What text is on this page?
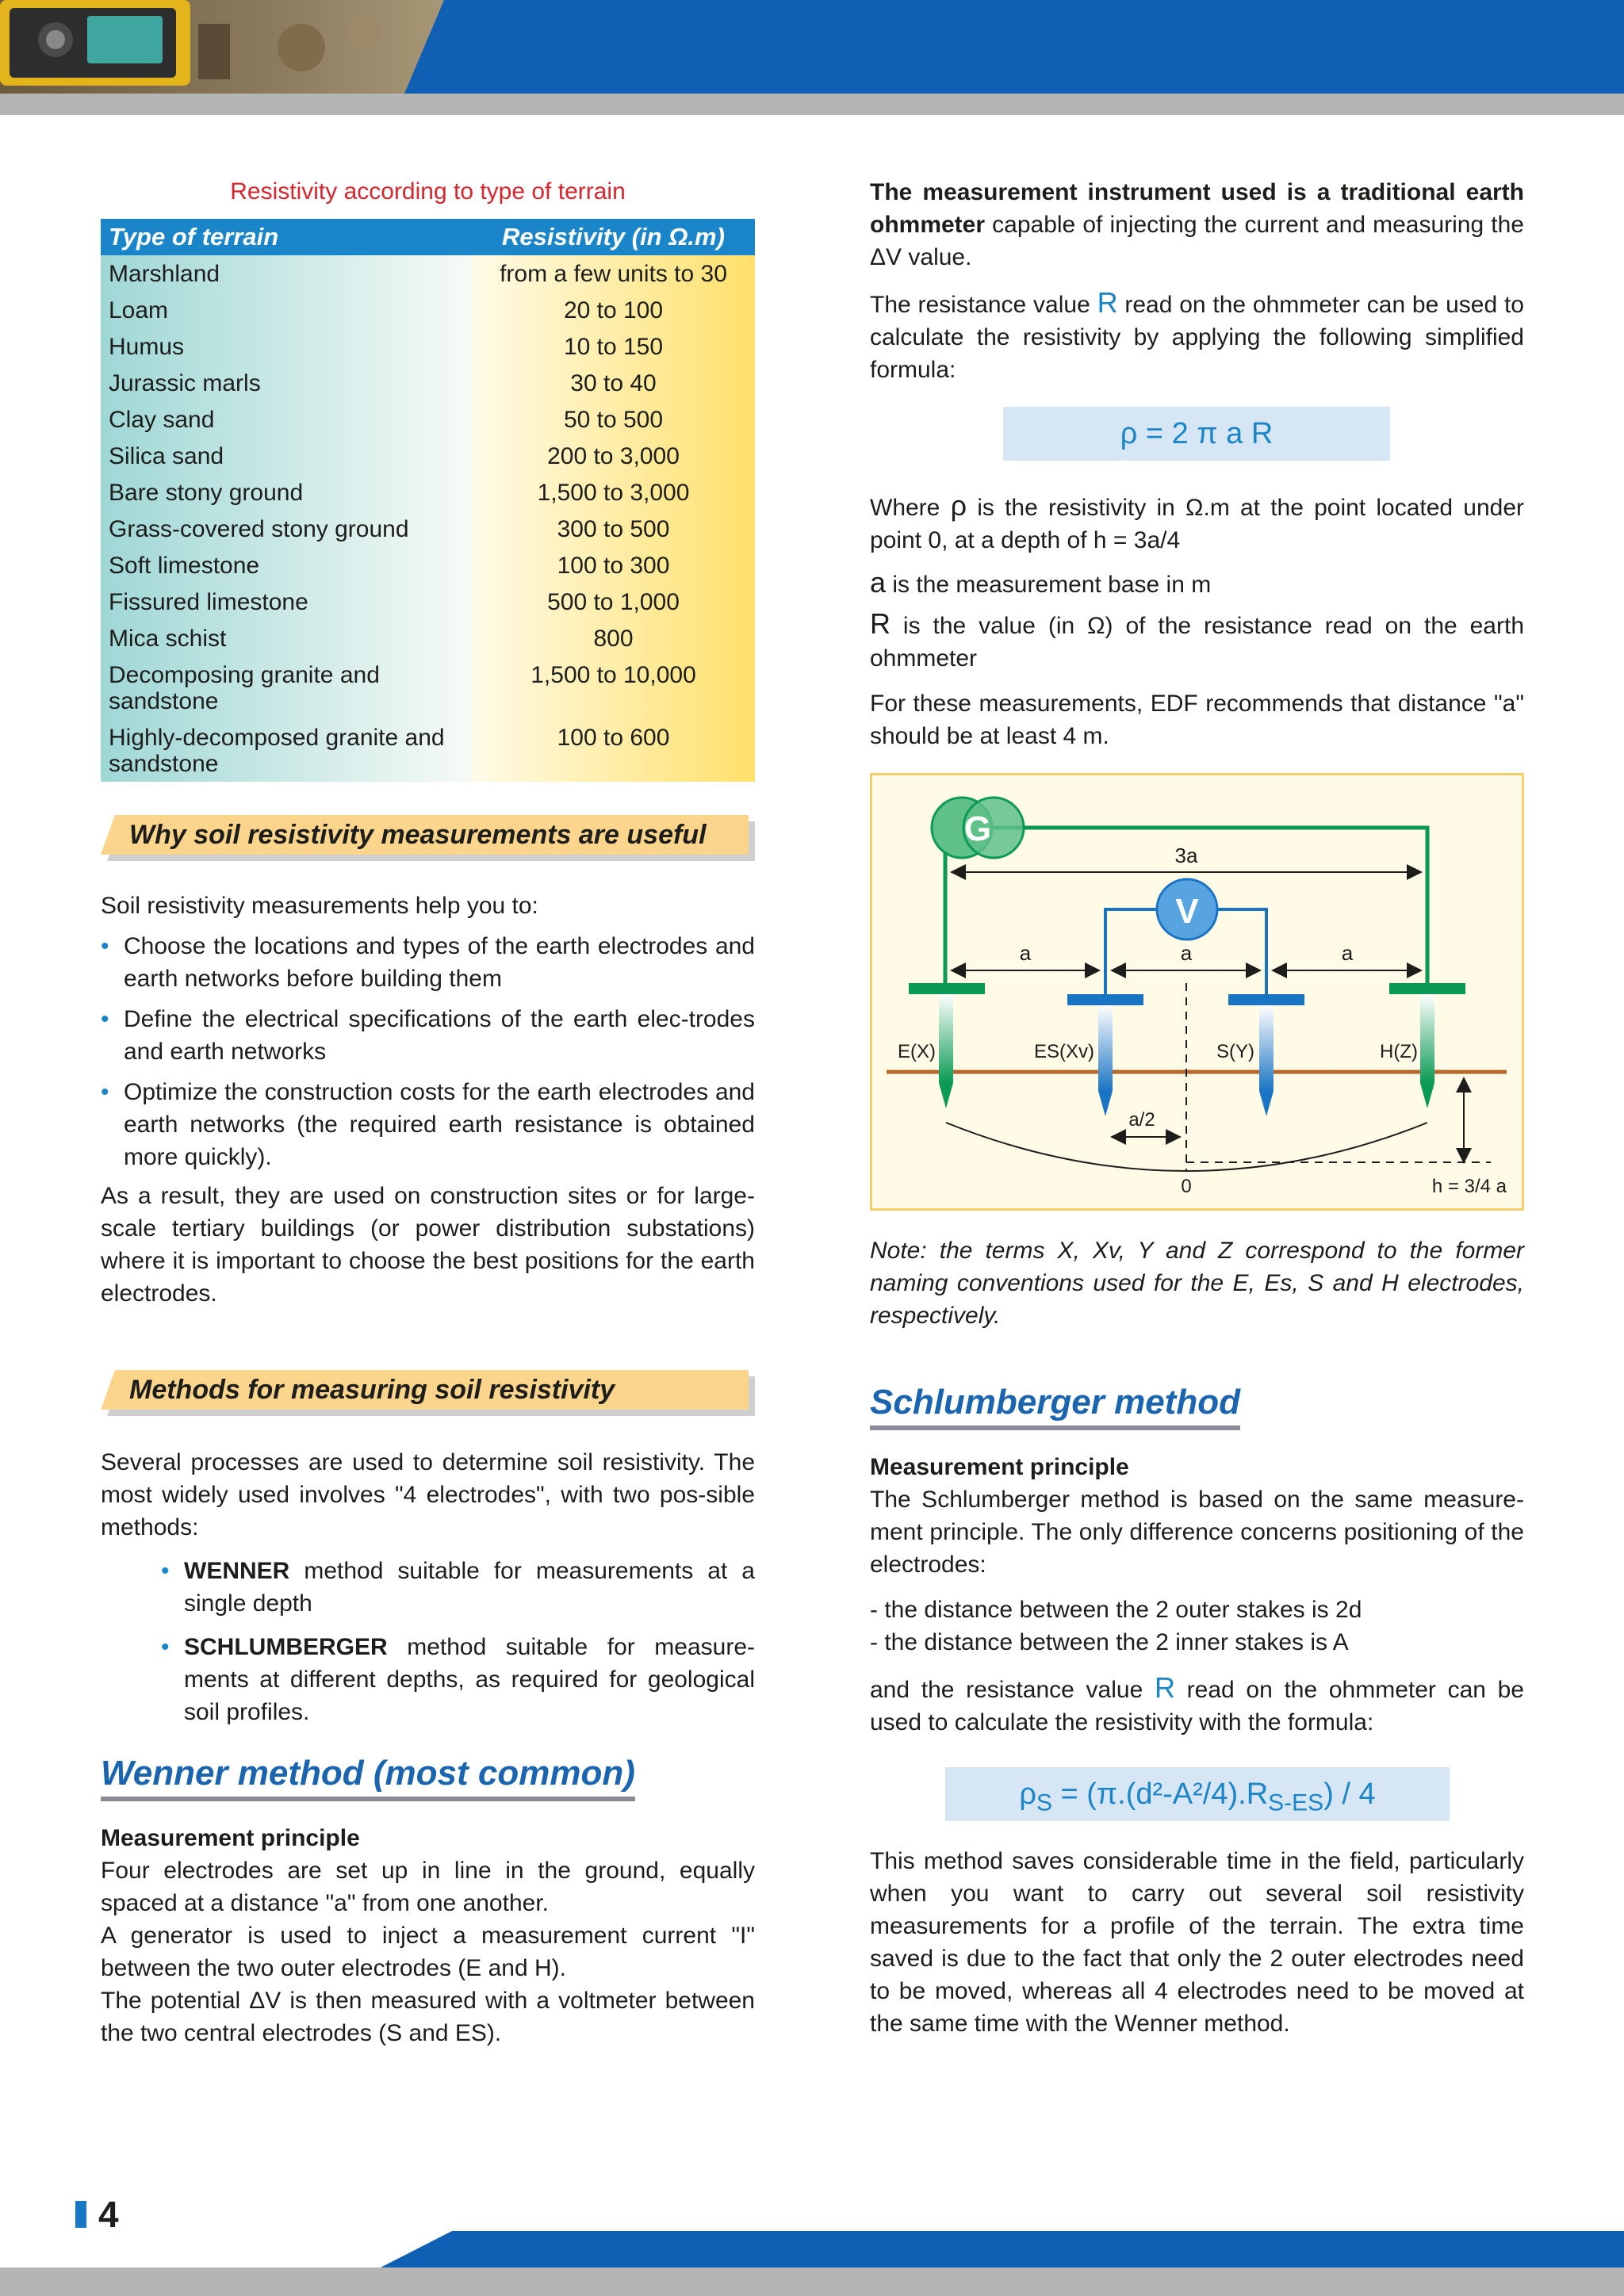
Resistivity according to type of terrain
Type of terrain	Resistivity (in Ω.m)
Marshland	from a few units to 30
Loam	20 to 100
Humus	10 to 150
Jurassic marls	30 to 40
Clay sand	50 to 500
Silica sand	200 to 3,000
Bare stony ground	1,500 to 3,000
Grass-covered stony ground	300 to 500
Soft limestone	100 to 300
Fissured limestone	500 to 1,000
Mica schist	800
Decomposing granite and sandstone	1,500 to 10,000
Highly-decomposed granite and sandstone	100 to 600
Why soil resistivity measurements are useful
Soil resistivity measurements help you to:
• Choose the locations and types of the earth electrodes and earth networks before building them
• Define the electrical specifications of the earth elec-trodes and earth networks
• Optimize the construction costs for the earth electrodes and earth networks (the required earth resistance is obtained more quickly).
As a result, they are used on construction sites or for large-scale tertiary buildings (or power distribution substations) where it is important to choose the best positions for the earth electrodes.
Methods for measuring soil resistivity
Several processes are used to determine soil resistivity. The most widely used involves "4 electrodes", with two pos-sible methods:
• WENNER method suitable for measurements at a single depth
• SCHLUMBERGER method suitable for measure-ments at different depths, as required for geological soil profiles.
Wenner method (most common)
Measurement principle
Four electrodes are set up in line in the ground, equally spaced at a distance "a" from one another.
A generator is used to inject a measurement current "I" between the two outer electrodes (E and H).
The potential ΔV is then measured with a voltmeter between the two central electrodes (S and ES).
The measurement instrument used is a traditional earth ohmmeter capable of injecting the current and measuring the ΔV value.
The resistance value R read on the ohmmeter can be used to calculate the resistivity by applying the following simplified formula:
ρ = 2 π a R
Where ρ is the resistivity in Ω.m at the point located under point 0, at a depth of h = 3a/4
a is the measurement base in m
R is the value (in Ω) of the resistance read on the earth ohmmeter
For these measurements, EDF recommends that distance "a" should be at least 4 m.
G
V
3a
a	a	a
E(X)	ES(Xv)	S(Y)	H(Z)
a/2
0	h = 3/4 a
Note: the terms X, Xv, Y and Z correspond to the former naming conventions used for the E, Es, S and H electrodes, respectively.
Schlumberger method
Measurement principle
The Schlumberger method is based on the same measure-ment principle. The only difference concerns positioning of the electrodes:
- the distance between the 2 outer stakes is 2d
- the distance between the 2 inner stakes is A
and the resistance value R read on the ohmmeter can be used to calculate the resistivity with the formula:
$\rho_S = (\pi.(d^2-A^2/4).R_{S-ES}) / 4$
This method saves considerable time in the field, particularly when you want to carry out several soil resistivity measurements for a profile of the terrain. The extra time saved is due to the fact that only the 2 outer electrodes need to be moved, whereas all 4 electrodes need to be moved at the same time with the Wenner method.
4
